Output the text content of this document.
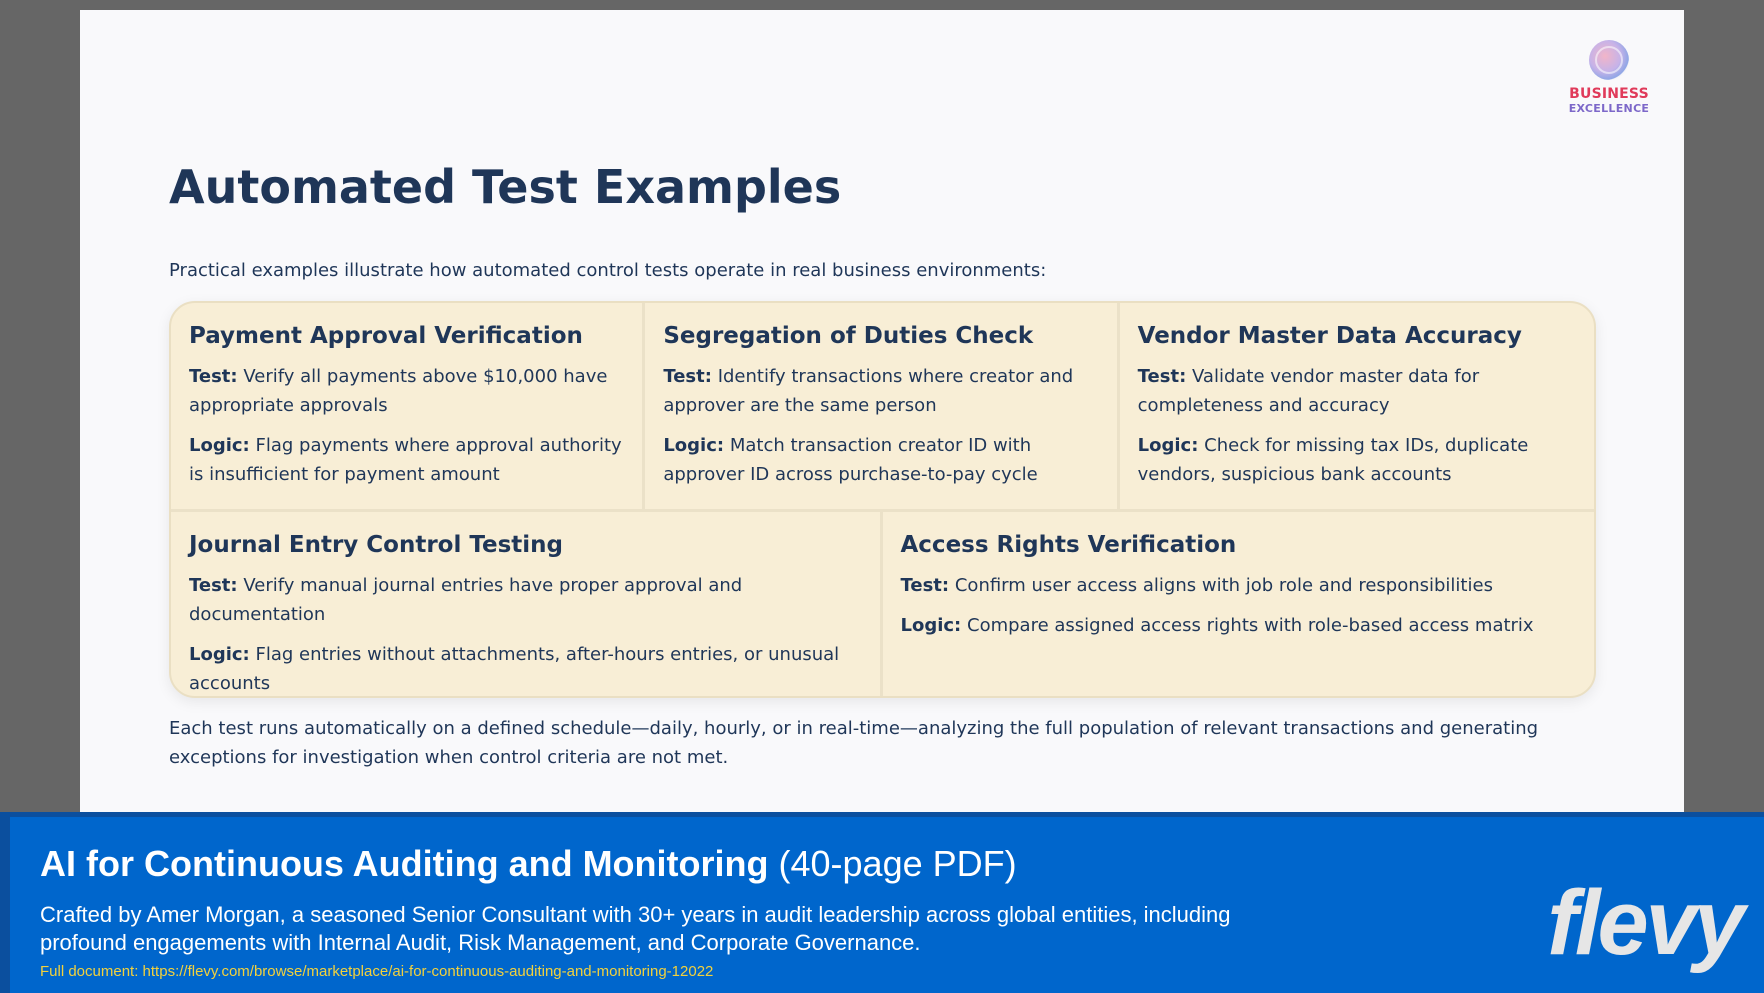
BUSINESS
EXCELLENCE
Automated Test Examples
Practical examples illustrate how automated control tests operate in real business environments:
Payment Approval Verification

Test: Verify all payments above $10,000 have appropriate approvals

Logic: Flag payments where approval authority is insufficient for payment amount

Segregation of Duties Check

Test: Identify transactions where creator and approver are the same person

Logic: Match transaction creator ID with approver ID across purchase-to-pay cycle

Vendor Master Data Accuracy

Test: Validate vendor master data for completeness and accuracy

Logic: Check for missing tax IDs, duplicate vendors, suspicious bank accounts

Journal Entry Control Testing

Test: Verify manual journal entries have proper approval and documentation

Logic: Flag entries without attachments, after-hours entries, or unusual accounts

Access Rights Verification

Test: Confirm user access aligns with job role and responsibilities

Logic: Compare assigned access rights with role-based access matrix

Each test runs automatically on a defined schedule—daily, hourly, or in real-time—analyzing the full population of relevant transactions and generating exceptions for investigation when control criteria are not met.
AI for Continuous Auditing and Monitoring (40-page PDF)
Crafted by Amer Morgan, a seasoned Senior Consultant with 30+ years in audit leadership across global entities, including profound engagements with Internal Audit, Risk Management, and Corporate Governance.
Full document: https://flevy.com/browse/marketplace/ai-for-continuous-auditing-and-monitoring-12022	flevy
